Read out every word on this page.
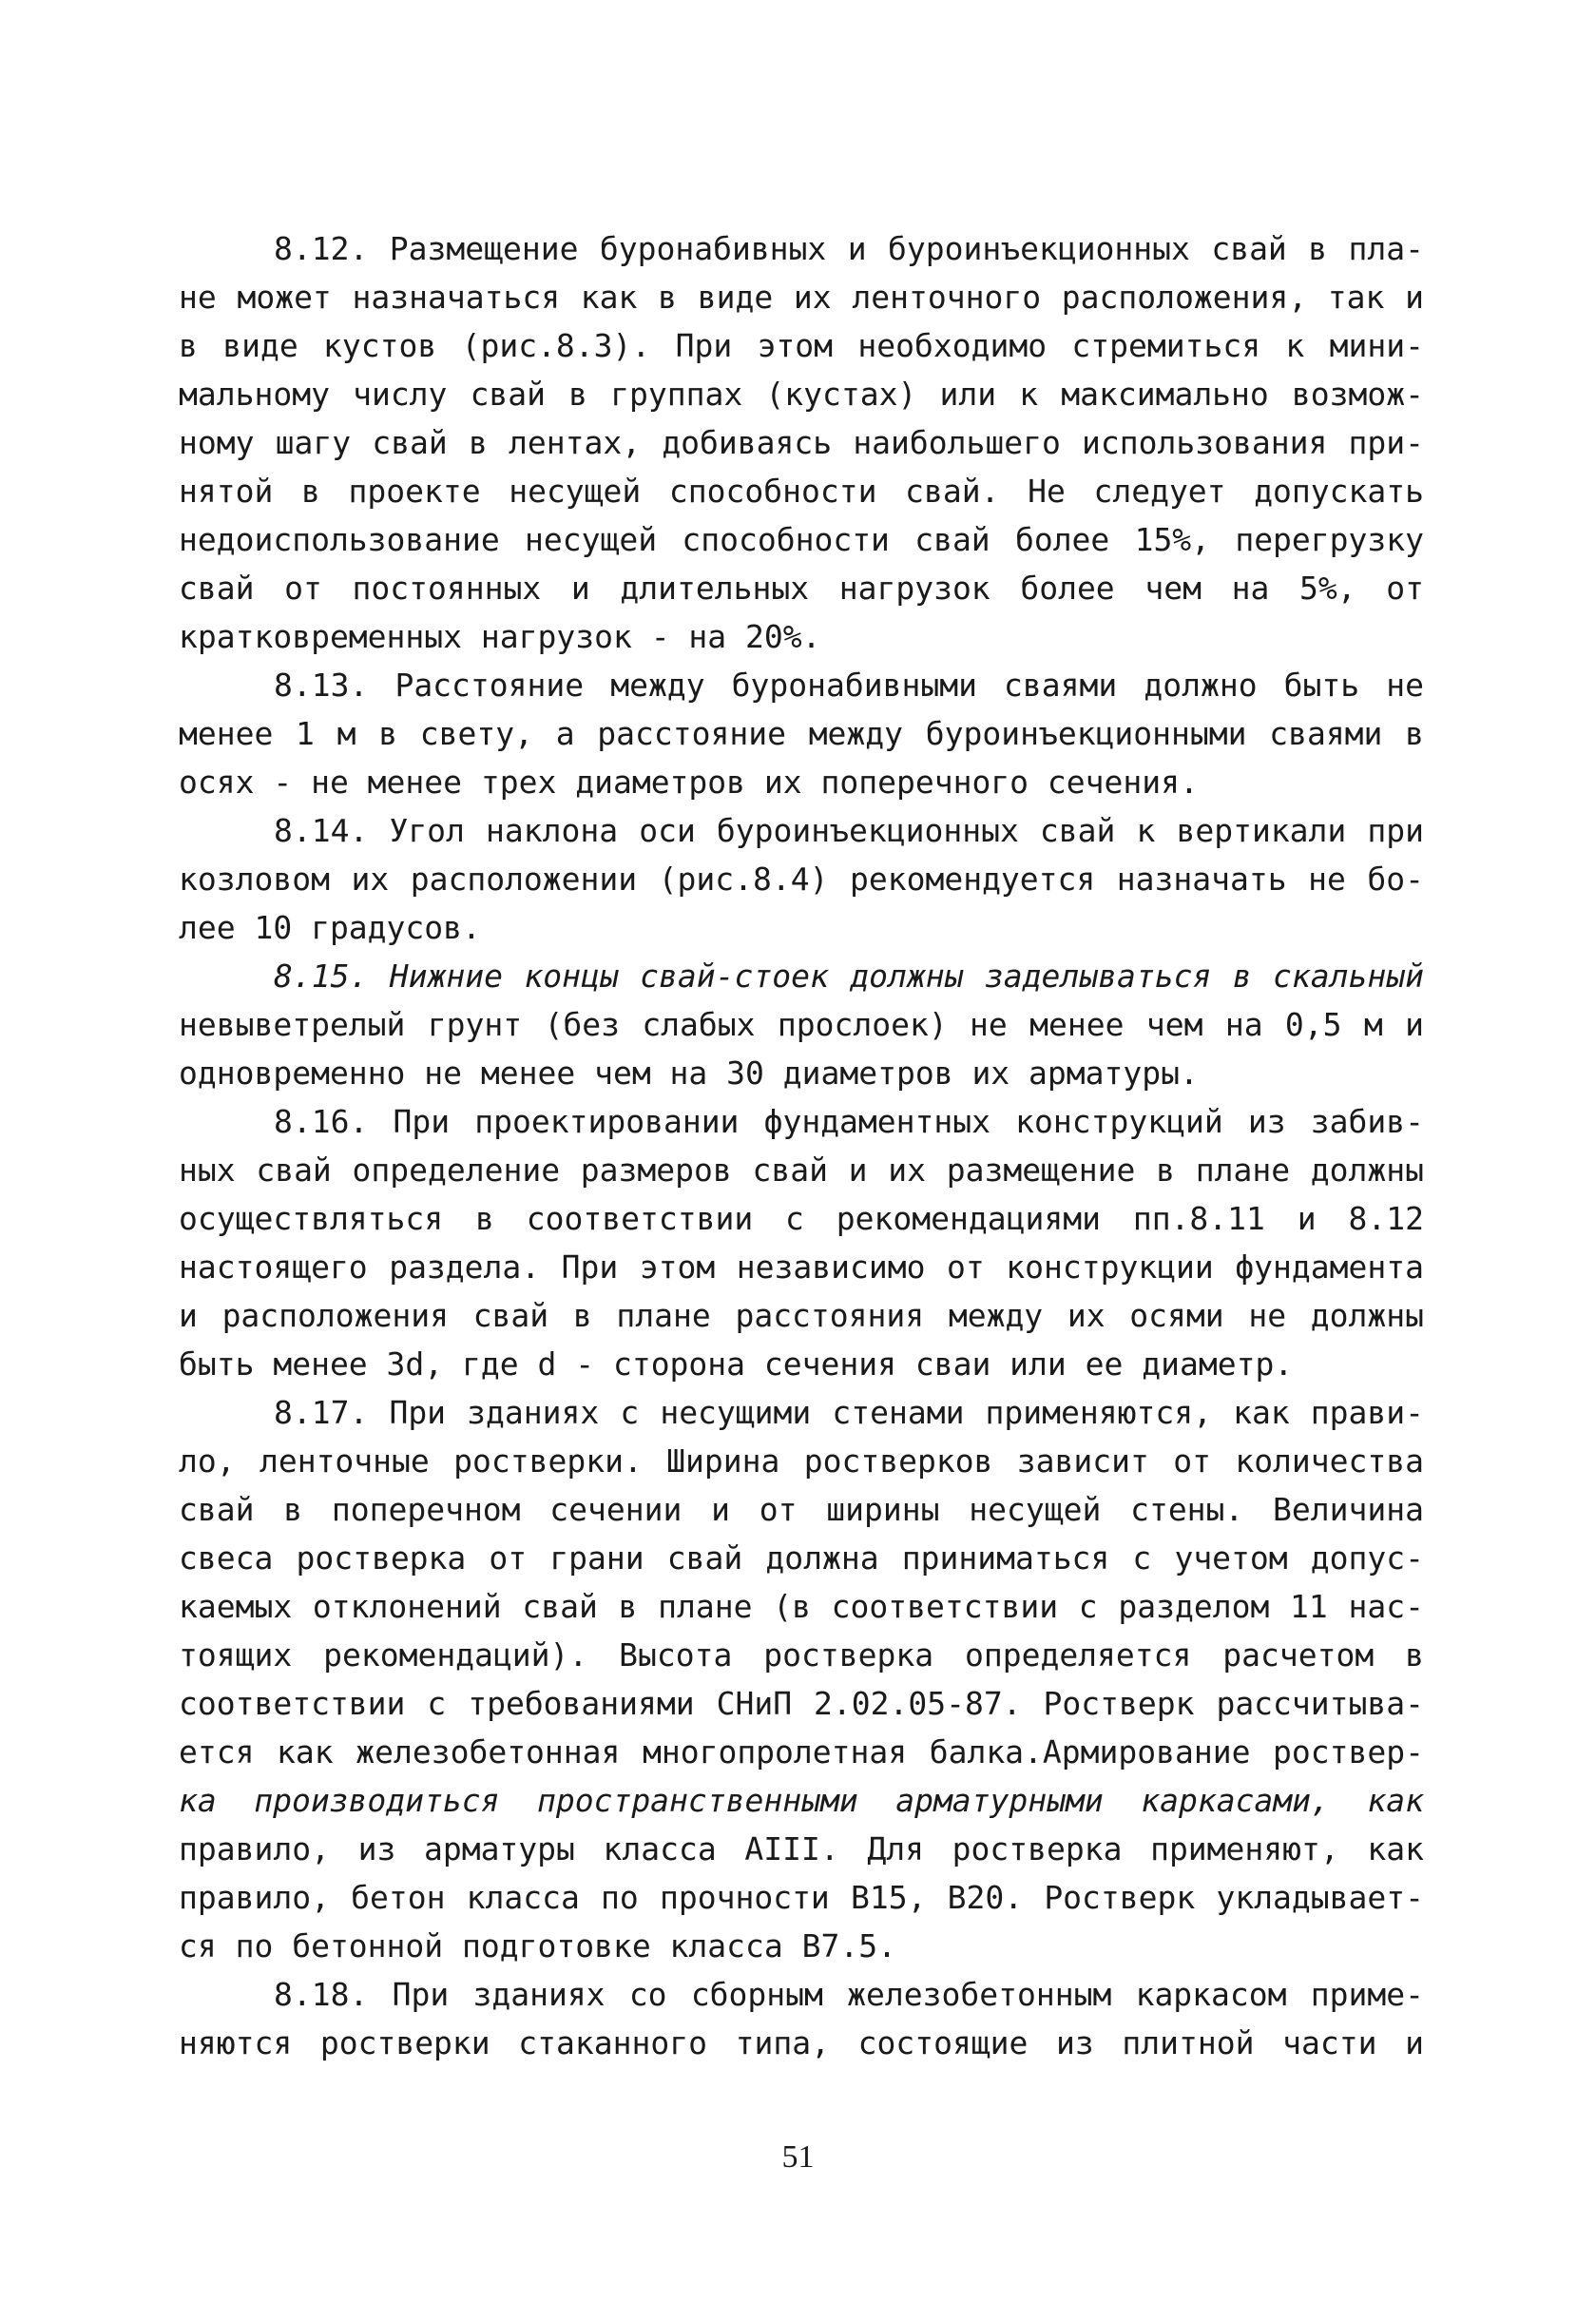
8.12. Размещение буронабивных и буроинъекционных свай в пла-
не может назначаться как в виде их ленточного расположения, так и
в виде кустов (рис.8.3). При этом необходимо стремиться к мини-
мальному числу свай в группах (кустах) или к максимально возмож-
ному шагу свай в лентах, добиваясь наибольшего использования при-
нятой в проекте несущей способности свай. Не следует допускать
недоиспользование несущей способности свай более 15%, перегрузку
свай от постоянных и длительных нагрузок более чем на 5%, от
кратковременных нагрузок - на 20%.
8.13. Расстояние между буронабивными сваями должно быть не
менее 1 м в свету, а расстояние между буроинъекционными сваями в
осях - не менее трех диаметров их поперечного сечения.
8.14. Угол наклона оси буроинъекционных свай к вертикали при
козловом их расположении (рис.8.4) рекомендуется назначать не бо-
лее 10 градусов.
8.15. Нижние концы свай-стоек должны заделываться в скальный
невыветрелый грунт (без слабых прослоек) не менее чем на 0,5 м и
одновременно не менее чем на 30 диаметров их арматуры.
8.16. При проектировании фундаментных конструкций из забив-
ных свай определение размеров свай и их размещение в плане должны
осуществляться в соответствии с рекомендациями пп.8.11 и 8.12
настоящего раздела. При этом независимо от конструкции фундамента
и расположения свай в плане расстояния между их осями не должны
быть менее 3d, где d - сторона сечения сваи или ее диаметр.
8.17. При зданиях с несущими стенами применяются, как прави-
ло, ленточные ростверки. Ширина ростверков зависит от количества
свай в поперечном сечении и от ширины несущей стены. Величина
свеса ростверка от грани свай должна приниматься с учетом допус-
каемых отклонений свай в плане (в соответствии с разделом 11 нас-
тоящих рекомендаций). Высота ростверка определяется расчетом в
соответствии с требованиями СНиП 2.02.05-87. Ростверк рассчитыва-
ется как железобетонная многопролетная балка.Армирование роствер-
ка производиться пространственными арматурными каркасами, как
правило, из арматуры класса AIII. Для ростверка применяют, как
правило, бетон класса по прочности B15, B20. Ростверк укладывает-
ся по бетонной подготовке класса B7.5.
8.18. При зданиях со сборным железобетонным каркасом приме-
няются ростверки стаканного типа, состоящие из плитной части и
51
